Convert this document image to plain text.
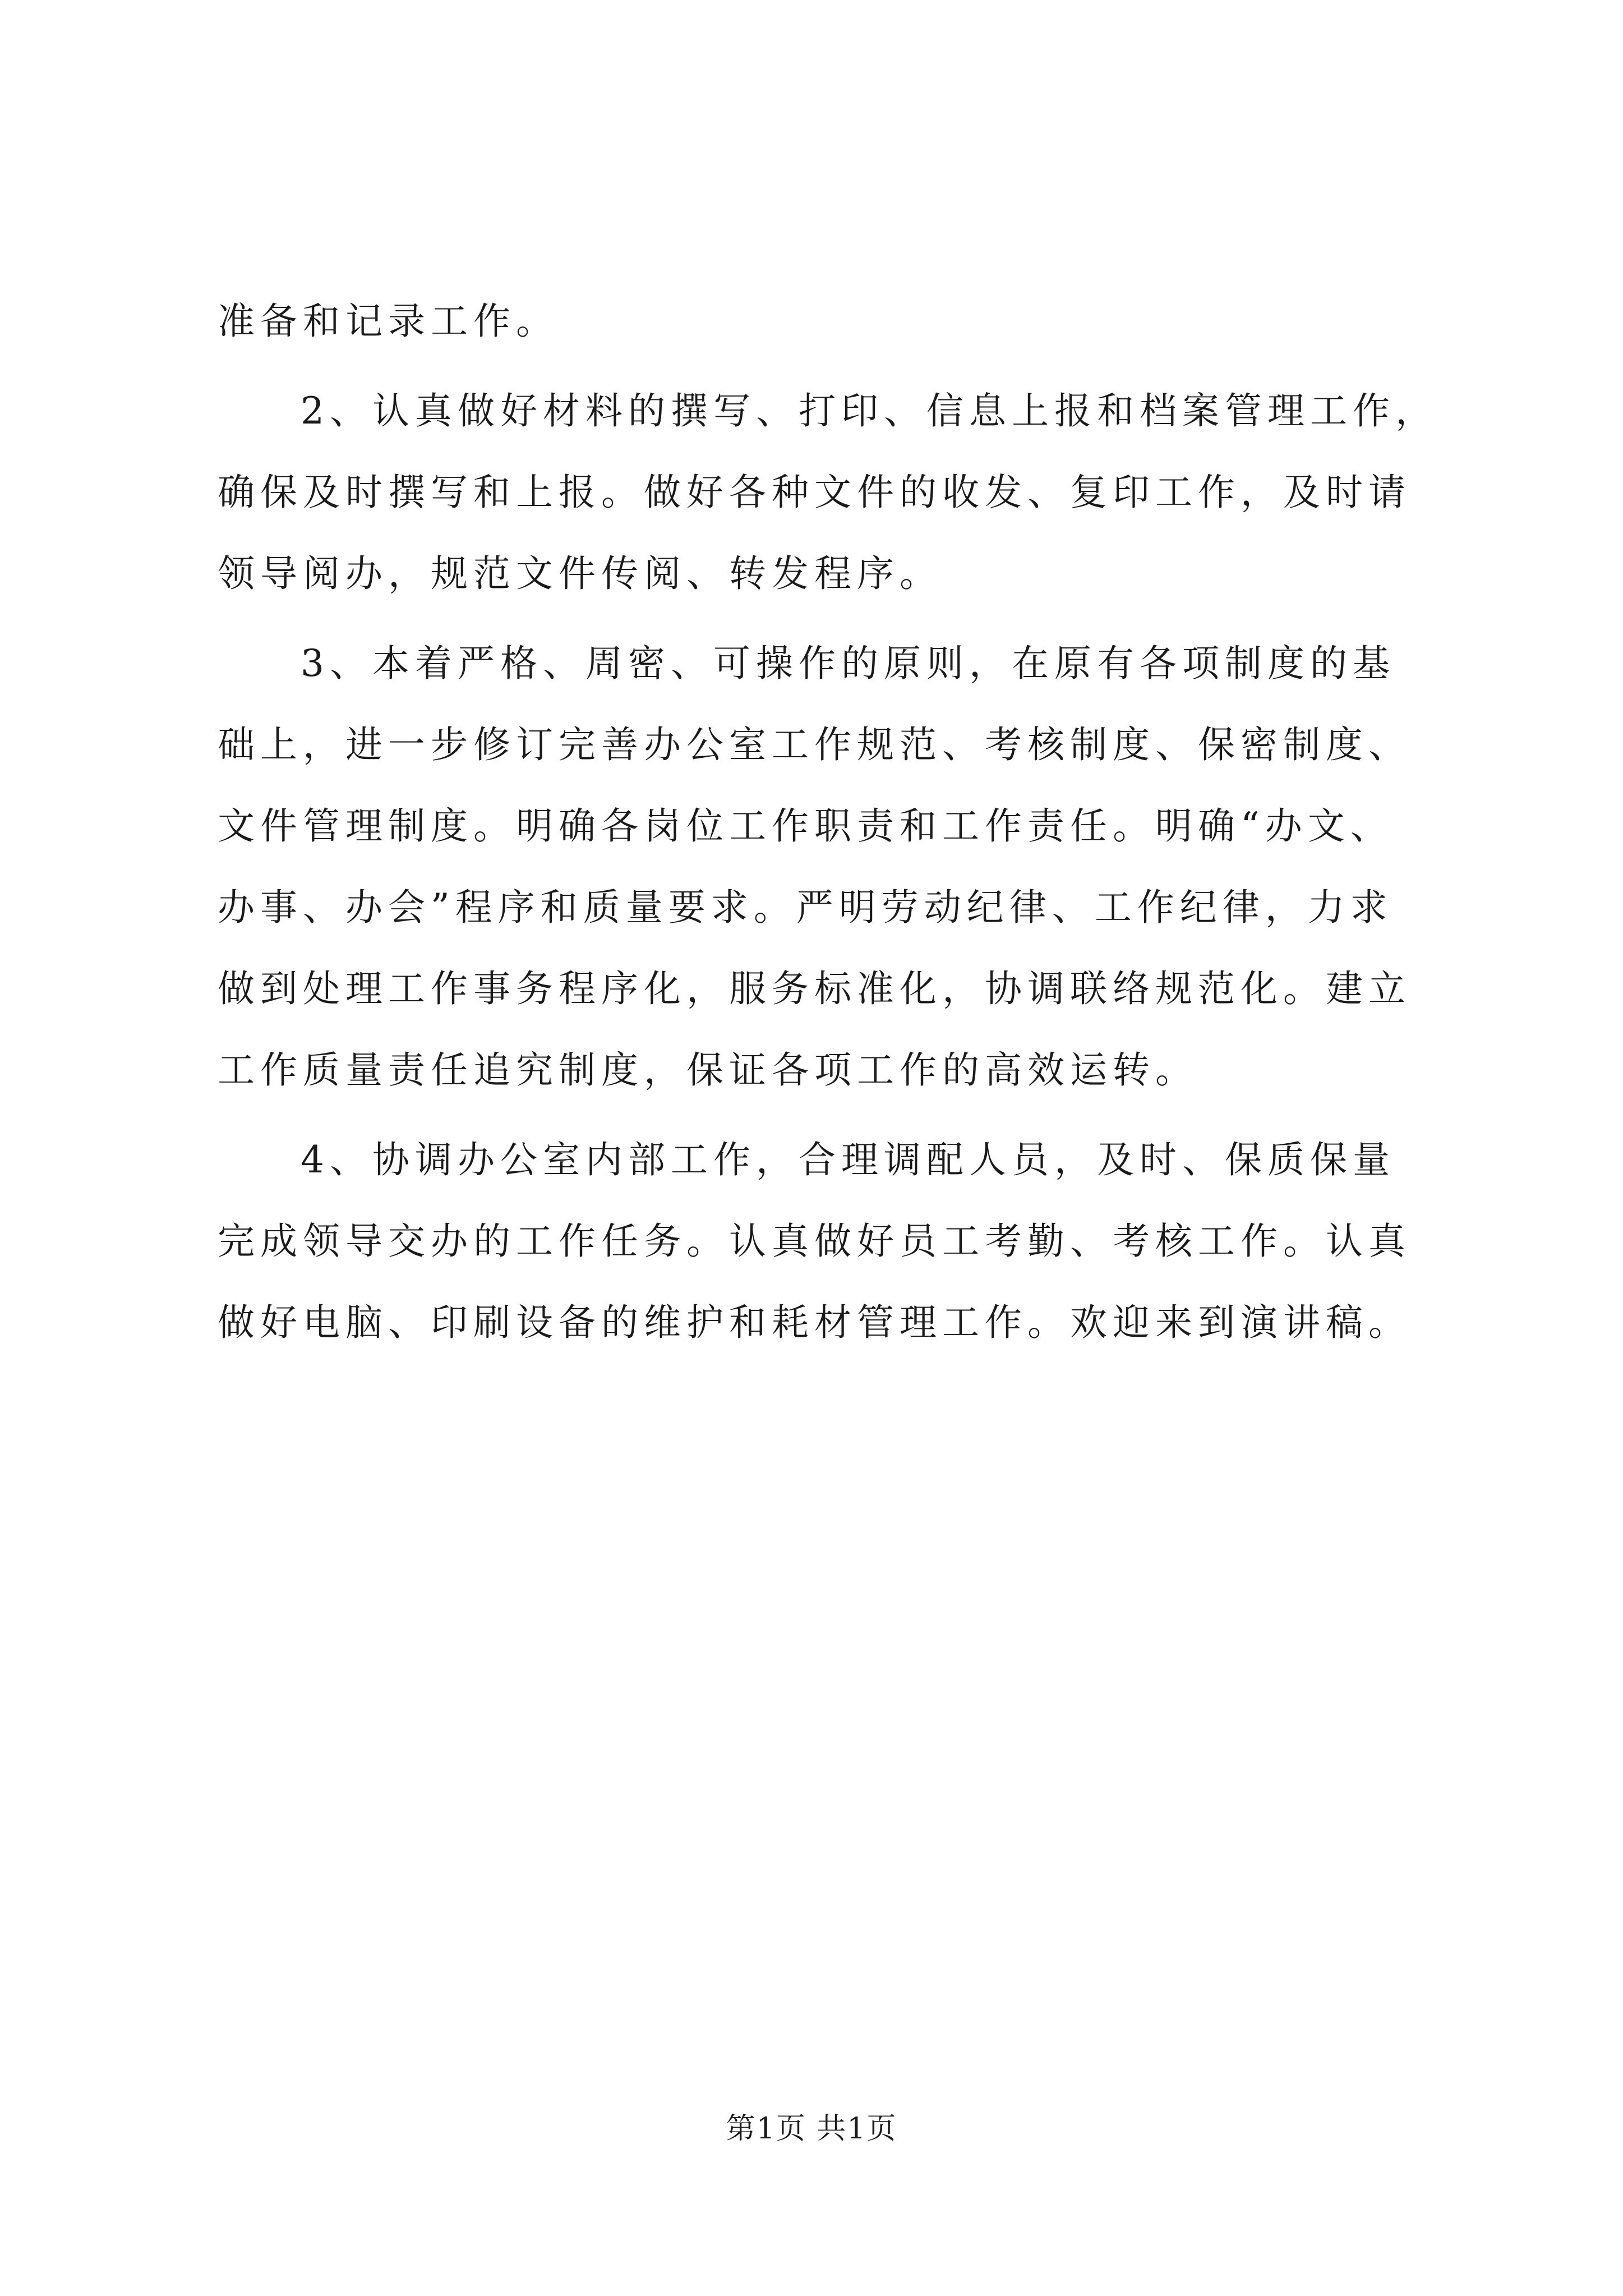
准备和记录工作。
2、认真做好材料的撰写、打印、信息上报和档案管理工作，
确保及时撰写和上报。做好各种文件的收发、复印工作，及时请
领导阅办，规范文件传阅、转发程序。
3、本着严格、周密、可操作的原则，在原有各项制度的基
础上，进一步修订完善办公室工作规范、考核制度、保密制度、
文件管理制度。明确各岗位工作职责和工作责任。明确“办文、
办事、办会”程序和质量要求。严明劳动纪律、工作纪律，力求
做到处理工作事务程序化，服务标准化，协调联络规范化。建立
工作质量责任追究制度，保证各项工作的高效运转。
4、协调办公室内部工作，合理调配人员，及时、保质保量
完成领导交办的工作任务。认真做好员工考勤、考核工作。认真
做好电脑、印刷设备的维护和耗材管理工作。欢迎来到演讲稿。
第1页 共1页
